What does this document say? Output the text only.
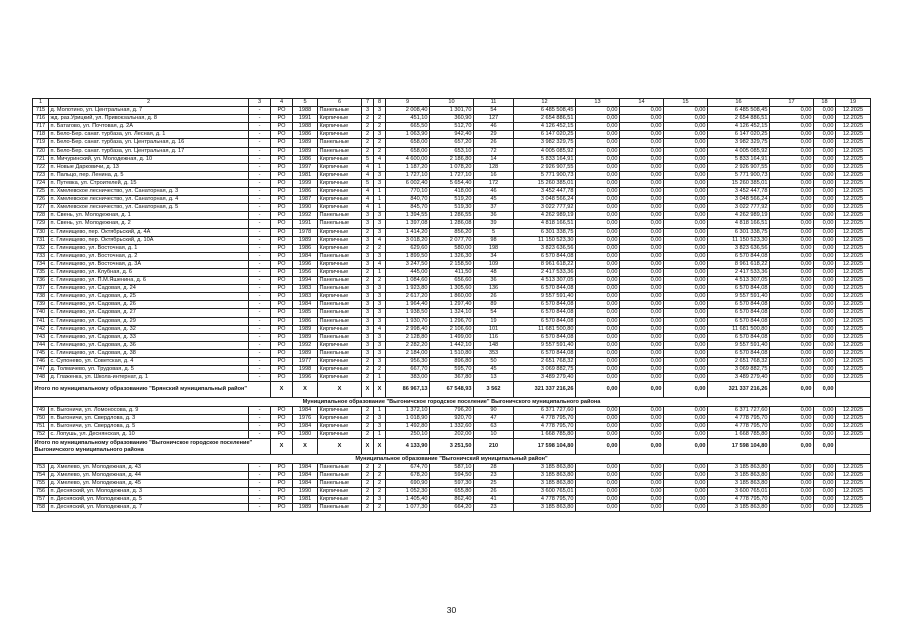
1	2	3	4	5	6	7	8	9	10	11	12	13	14	15	16	17	18	19
715	д. Молотино, ул. Центральная, д. 7	-	РО	1988	Панельные	3	3	2 008,40	1 301,70	54	6 485 508,45	0,00	0,00	0,00	6 485 508,45	0,00	0,00	12.2025
716	жд. раз.Урицкий, ул. Привокзальная, д. 8	-	РО	1991	Кирпичные	2	2	451,10	360,90	127	2 654 886,51	0,00	0,00	0,00	2 654 886,51	0,00	0,00	12.2025
717	п. Батагово, ул. Почтовая, д. 2А	-	РО	1988	Кирпичные	2	2	665,50	512,70	46	4 126 452,15	0,00	0,00	0,00	4 126 452,15	0,00	0,00	12.2025
718	п. Бело-Бер. санат. турбаза, ул. Лесная, д. 1	-	РО	1986	Кирпичные	2	3	1 063,90	942,40	29	6 147 020,25	0,00	0,00	0,00	6 147 020,25	0,00	0,00	12.2025
719	п. Бело-Бер. санат. турбаза, ул. Центральная, д. 16	-	РО	1989	Панельные	2	2	658,00	657,20	26	3 982 329,75	0,00	0,00	0,00	3 982 329,75	0,00	0,00	12.2025
720	п. Бело-Бер. санат. турбаза, ул. Центральная, д. 17	-	РО	1989	Панельные	2	2	658,00	653,10	72	4 005 085,92	0,00	0,00	0,00	4 005 085,92	0,00	0,00	12.2025
721	п. Мичуринский, ул. Молодежная, д. 10	-	РО	1986	Кирпичные	5	4	4 600,00	2 186,80	14	5 833 164,91	0,00	0,00	0,00	5 833 164,91	0,00	0,00	12.2025
722	п. Новые Дарковичи, д. 13	-	РО	1997	Кирпичные	4	1	1 187,20	1 078,20	128	2 926 907,55	0,00	0,00	0,00	2 926 907,55	0,00	0,00	12.2025
723	п. Пальцо, пер. Ленина, д. 5	-	РО	1981	Кирпичные	4	3	1 727,10	1 727,10	16	5 771 900,73	0,00	0,00	0,00	5 771 900,73	0,00	0,00	12.2025
724	п. Путевка, ул. Строителей, д. 15	-	РО	1999	Кирпичные	5	3	6 002,40	5 654,40	172	15 260 385,01	0,00	0,00	0,00	15 260 385,01	0,00	0,00	12.2025
725	п. Хмелевское лесничество, ул. Санаторная, д. 3	-	РО	1986	Кирпичные	4	1	770,10	418,00	46	3 452 447,78	0,00	0,00	0,00	3 452 447,78	0,00	0,00	12.2025
726	п. Хмелевское лесничество, ул. Санаторная, д. 4	-	РО	1987	Кирпичные	4	1	840,70	519,20	45	3 048 566,24	0,00	0,00	0,00	3 048 566,24	0,00	0,00	12.2025
727	п. Хмелевское лесничество, ул. Санаторная, д. 5	-	РО	1990	Кирпичные	4	1	845,70	519,30	37	3 022 777,92	0,00	0,00	0,00	3 022 777,92	0,00	0,00	12.2025
728	п. Свень, ул. Молодежная, д. 1	-	РО	1992	Панельные	3	3	1 394,55	1 286,55	36	4 262 989,19	0,00	0,00	0,00	4 262 989,19	0,00	0,00	12.2025
729	п. Свень, ул. Молодежная, д. 2	-	РО	1991	Панельные	3	3	1 397,08	1 286,08	39	4 818 166,51	0,00	0,00	0,00	4 818 166,51	0,00	0,00	12.2025
730	с. Глинищево, пер. Октябрьский, д. 4А	-	РО	1978	Кирпичные	2	3	1 414,20	856,20	5	6 301 338,75	0,00	0,00	0,00	6 301 338,75	0,00	0,00	12.2025
731	с. Глинищево, пер. Октябрьский, д. 10А	-	РО	1989	Кирпичные	3	4	3 018,20	2 077,70	98	11 150 523,30	0,00	0,00	0,00	11 150 523,30	0,00	0,00	12.2025
732	с. Глинищево, ул. Восточная, д. 1	-	РО	1986	Кирпичные	2	2	629,60	580,00	198	3 823 636,56	0,00	0,00	0,00	3 823 636,56	0,00	0,00	12.2025
733	с. Глинищево, ул. Восточная, д. 2	-	РО	1984	Панельные	3	3	1 899,50	1 326,30	34	6 570 844,08	0,00	0,00	0,00	6 570 844,08	0,00	0,00	12.2025
734	с. Глинищево, ул. Восточная, д. 3А	-	РО	1996	Кирпичные	3	4	3 247,50	2 158,50	109	8 961 618,22	0,00	0,00	0,00	8 961 618,22	0,00	0,00	12.2025
735	с. Глинищево, ул. Клубная, д. 6	-	РО	1956	Кирпичные	2	1	445,00	411,50	48	2 417 533,36	0,00	0,00	0,00	2 417 533,36	0,00	0,00	12.2025
736	с. Глинищево, ул. П.М.Яшенина, д. 6	-	РО	1994	Панельные	2	2	1 084,60	656,60	36	4 513 307,05	0,00	0,00	0,00	4 513 307,05	0,00	0,00	12.2025
737	с. Глинищево, ул. Садовая, д. 24	-	РО	1983	Панельные	3	3	1 923,80	1 305,60	136	6 570 844,08	0,00	0,00	0,00	6 570 844,08	0,00	0,00	12.2025
738	с. Глинищево, ул. Садовая, д. 25	-	РО	1983	Кирпичные	3	3	2 617,20	1 860,00	26	9 557 591,40	0,00	0,00	0,00	9 557 591,40	0,00	0,00	12.2025
739	с. Глинищево, ул. Садовая, д. 26	-	РО	1984	Панельные	3	3	1 964,40	1 297,40	89	6 570 844,08	0,00	0,00	0,00	6 570 844,08	0,00	0,00	12.2025
740	с. Глинищево, ул. Садовая, д. 27	-	РО	1985	Панельные	3	3	1 938,50	1 324,10	54	6 570 844,08	0,00	0,00	0,00	6 570 844,08	0,00	0,00	12.2025
741	с. Глинищево, ул. Садовая, д. 29	-	РО	1986	Панельные	3	3	1 930,70	1 296,70	19	6 570 844,08	0,00	0,00	0,00	6 570 844,08	0,00	0,00	12.2025
742	с. Глинищево, ул. Садовая, д. 32	-	РО	1989	Кирпичные	3	4	2 998,40	2 106,60	101	11 681 500,80	0,00	0,00	0,00	11 681 500,80	0,00	0,00	12.2025
743	с. Глинищево, ул. Садовая, д. 33	-	РО	1989	Панельные	3	3	2 128,80	1 499,00	116	6 570 844,08	0,00	0,00	0,00	6 570 844,08	0,00	0,00	12.2025
744	с. Глинищево, ул. Садовая, д. 36	-	РО	1992	Кирпичные	3	3	2 282,20	1 442,10	148	9 557 591,40	0,00	0,00	0,00	9 557 591,40	0,00	0,00	12.2025
745	с. Глинищево, ул. Садовая, д. 38	-	РО	1989	Панельные	3	3	2 184,00	1 510,80	353	6 570 844,08	0,00	0,00	0,00	6 570 844,08	0,00	0,00	12.2025
746	с. Супонево, ул. Советская, д. 4	-	РО	1977	Кирпичные	2	3	956,30	896,80	50	2 651 768,32	0,00	0,00	0,00	2 651 768,32	0,00	0,00	12.2025
747	д. Толмачево, ул. Трудовая, д. 5	-	РО	1998	Кирпичные	2	2	667,70	595,70	45	3 069 882,75	0,00	0,00	0,00	3 069 882,75	0,00	0,00	12.2025
748	д. Глаженка, ул. Школа-интернат, д. 1	-	РО	1996	Кирпичные	2	1	383,00	367,80	13	3 489 279,40	0,00	0,00	0,00	3 489 279,40	0,00	0,00	12.2025
Итого по муниципальному образованию "Брянский муниципальный район"			X	X	X	X	X	86 967,13	67 548,93	3 562	321 337 216,26	0,00	0,00	0,00	321 337 216,26	0,00	0,00	
Муниципальное образование "Выгоничское городское поселение" Выгоничского муниципального района																		
749	п. Выгоничи, ул. Ломоносова, д. 9	-	РО	1984	Кирпичные	2	1	1 372,10	796,20	90	6 371 727,60	0,00	0,00	0,00	6 371 727,60	0,00	0,00	12.2025
750	п. Выгоничи, ул. Свердлова, д. 3	-	РО	1976	Кирпичные	2	3	1 018,90	920,70	47	4 778 795,70	0,00	0,00	0,00	4 778 795,70	0,00	0,00	12.2025
751	п. Выгоничи, ул. Свердлова, д. 5	-	РО	1984	Кирпичные	2	3	1 492,80	1 332,60	63	4 778 795,70	0,00	0,00	0,00	4 778 795,70	0,00	0,00	12.2025
752	с. Лопушь, ул. Деснянская, д. 10	-	РО	1980	Кирпичные	2	1	250,10	202,00	10	1 668 785,80	0,00	0,00	0,00	1 668 785,80	0,00	0,00	12.2025
Итого по муниципальному образованию "Выгоничское городское поселение" Выгоничского муниципального района			X	X	X	X	X	4 133,90	3 251,50	210	17 598 104,80	0,00	0,00	0,00	17 598 104,80	0,00	0,00	
Муниципальное образование "Выгоничский муниципальный район"																		
753	д. Хмелево, ул. Молодежная, д. 43	-	РО	1984	Панельные	2	2	674,70	587,10	28	3 185 863,80	0,00	0,00	0,00	3 185 863,80	0,00	0,00	12.2025
754	д. Хмелево, ул. Молодежная, д. 44	-	РО	1984	Панельные	2	2	678,20	594,50	23	3 185 863,80	0,00	0,00	0,00	3 185 863,80	0,00	0,00	12.2025
755	д. Хмелево, ул. Молодежная, д. 45	-	РО	1984	Панельные	2	2	690,90	597,30	25	3 185 863,80	0,00	0,00	0,00	3 185 863,80	0,00	0,00	12.2025
756	п. Десняский, ул. Молодежная, д. 3	-	РО	1990	Кирпичные	2	2	1 052,30	655,80	26	3 600 765,01	0,00	0,00	0,00	3 600 765,01	0,00	0,00	12.2025
757	п. Десняский, ул. Молодежная, д. 5	-	РО	1981	Кирпичные	2	3	1 405,40	862,40	41	4 778 795,70	0,00	0,00	0,00	4 778 795,70	0,00	0,00	12.2025
758	п. Десняский, ул. Молодежная, д. 7	-	РО	1989	Панельные	2	2	1 077,30	664,20	23	3 185 863,80	0,00	0,00	0,00	3 185 863,80	0,00	0,00	12.2025
30
